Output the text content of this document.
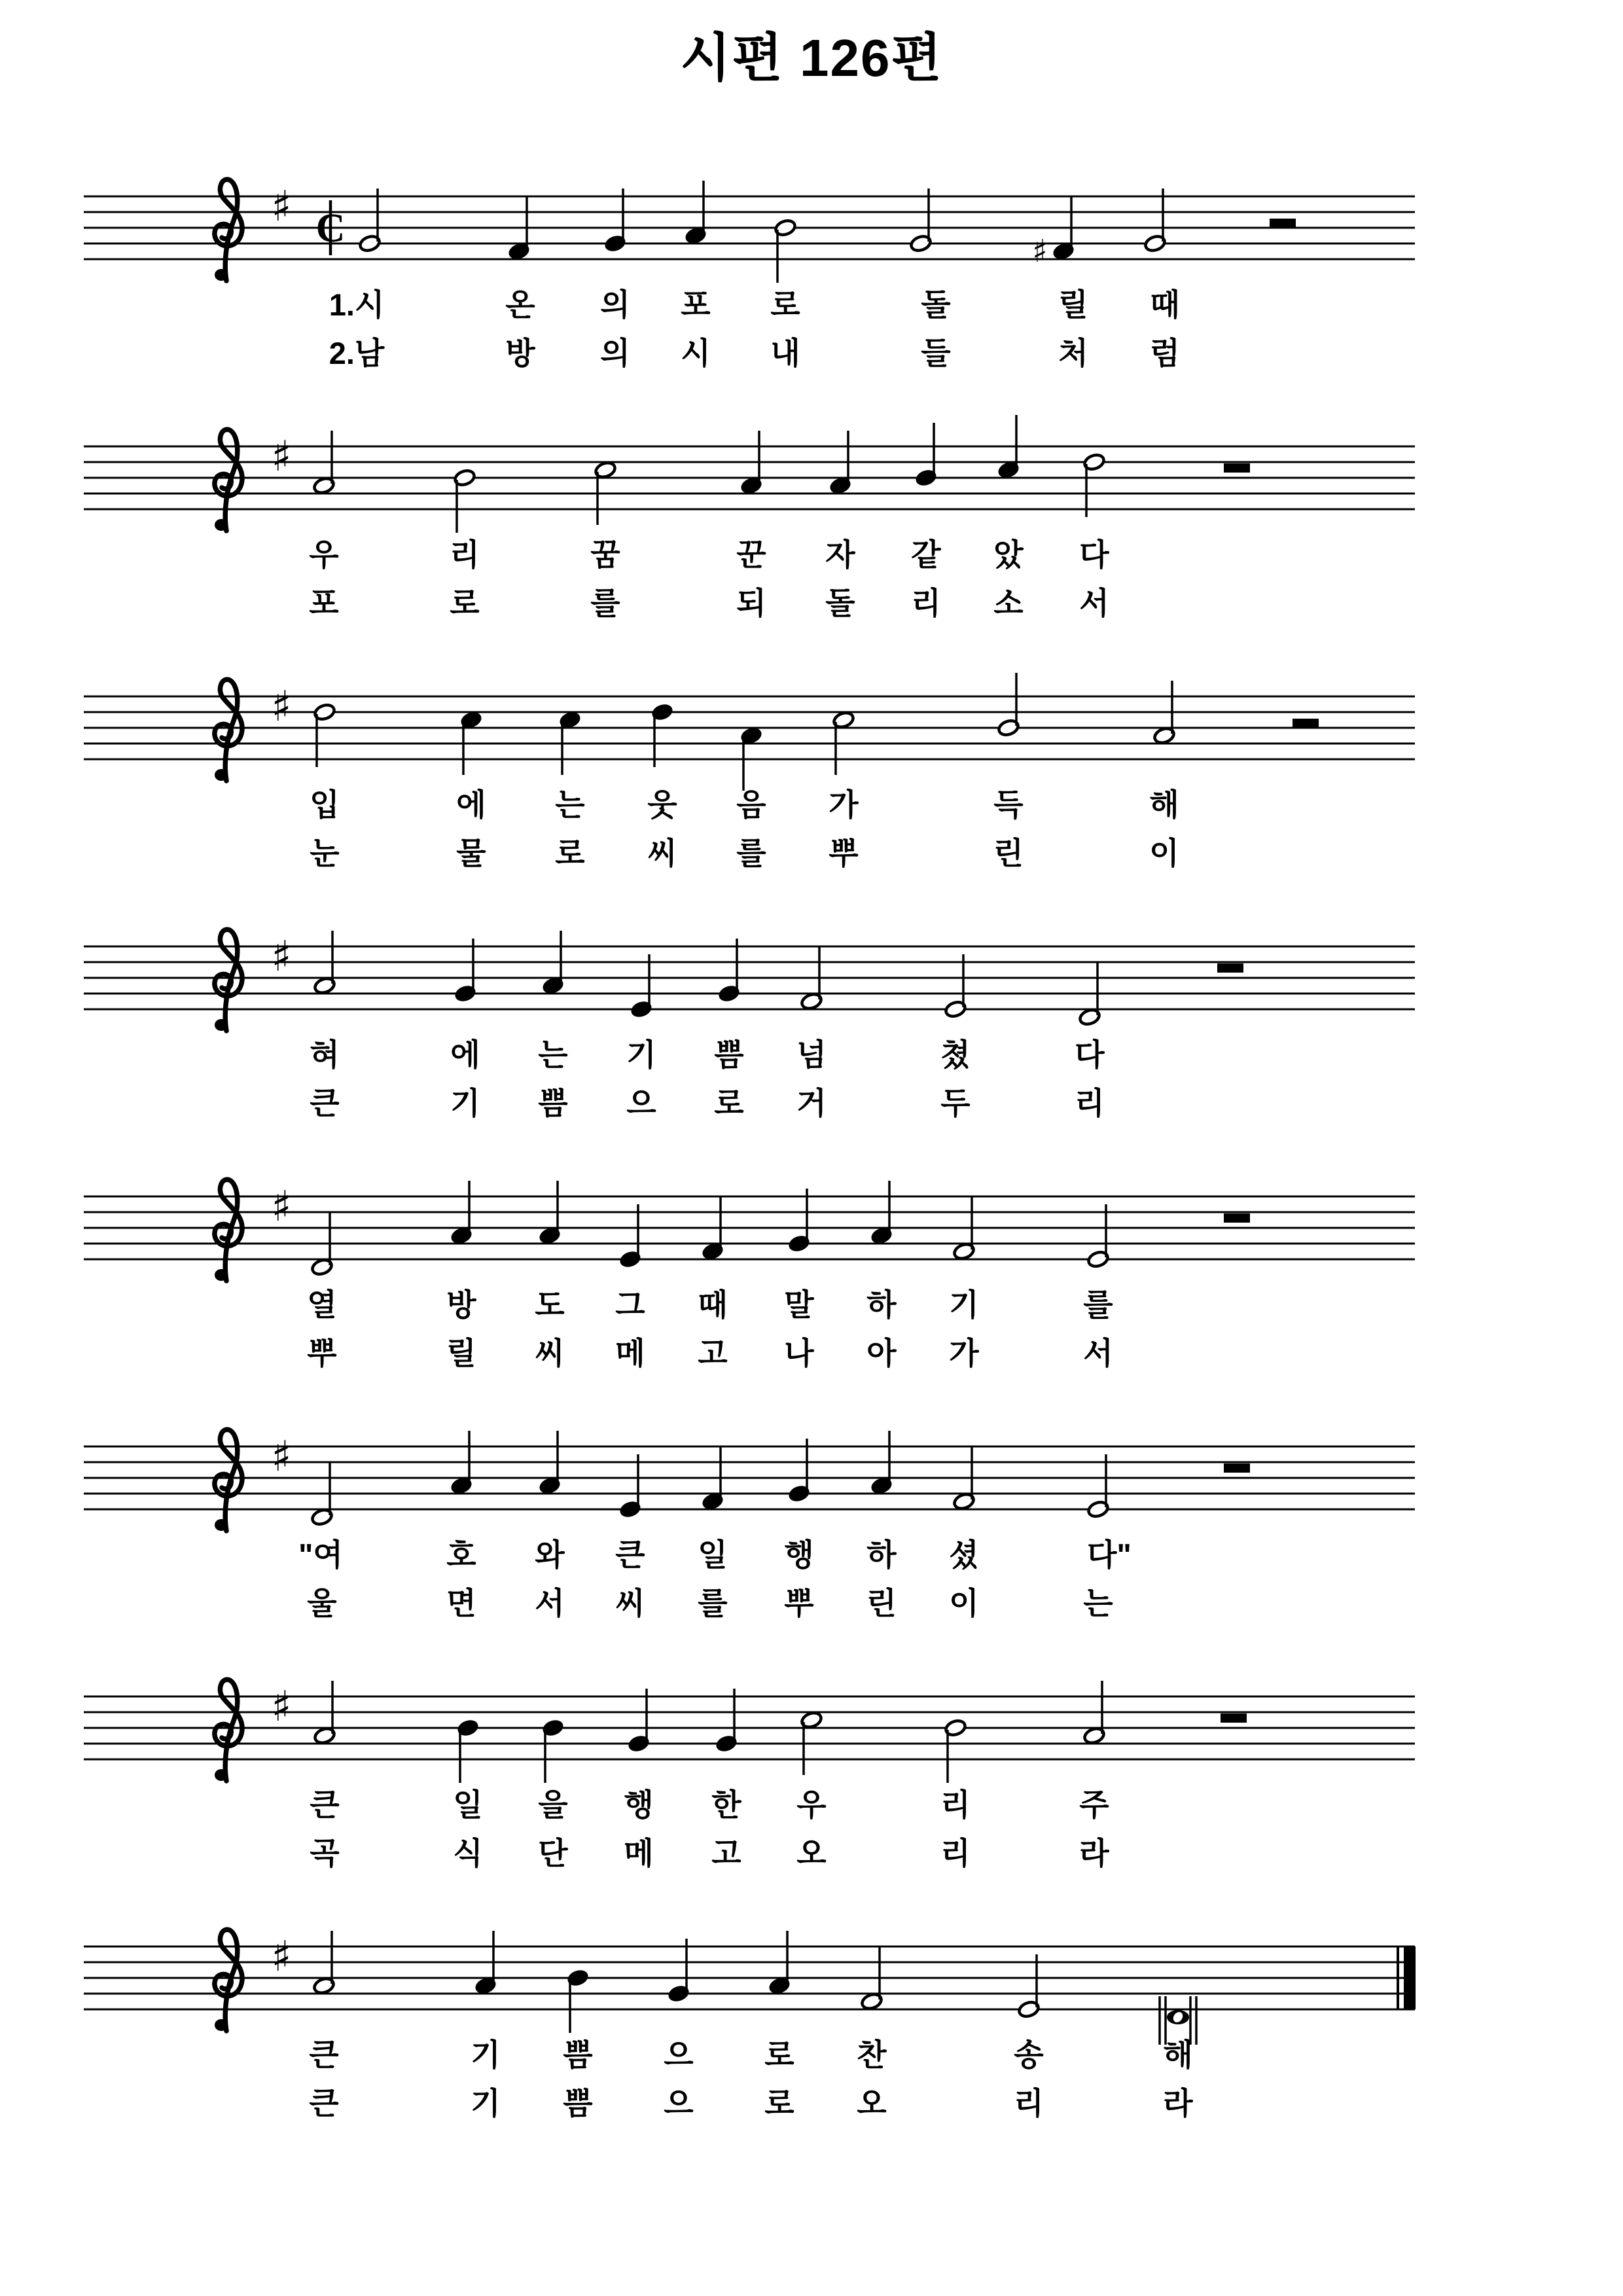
시편 126편
♯ C
♯
♯
♯
♯
♯
♯
♯
♯
1.시	온 의 포 로	돌	릴 때
2.남	방 의 시 내	들	처 럼
우	리	꿈	꾼 자 같 았 다
포	로	를	되 돌 리 소 서
입	에 는 웃 음 가	득	해
눈	물 로 씨 를 뿌	린	이
혀	에 는 기 쁨 넘	쳤	다
큰	기 쁨 으 로 거	두	리
열	방 도 그 때 말 하 기	를
뿌	릴 씨 메 고 나 아 가	서
"여	호 와 큰 일 행 하 셨	다"
울	면 서 씨 를 뿌 린 이	는
큰	일 을 행 한 우	리	주
곡	식 단 메 고 오	리	라
큰	기 쁨 으 로 찬	송	해
큰	기 쁨 으 로 오	리	라
